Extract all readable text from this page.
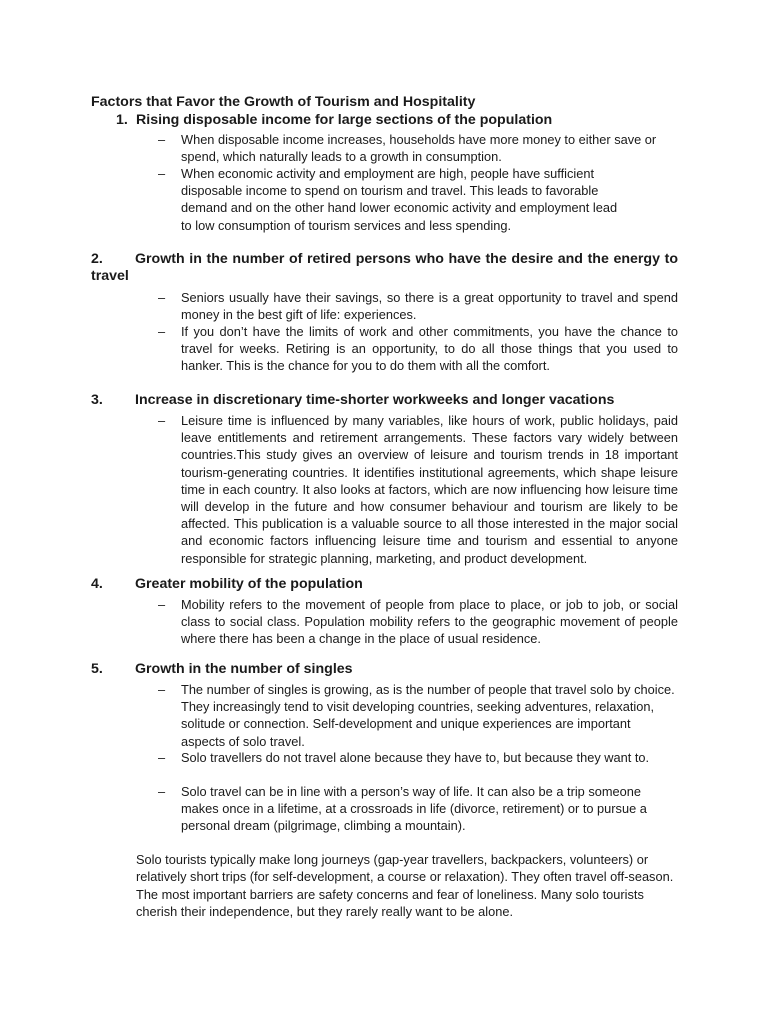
Factors that Favor the Growth of Tourism and Hospitality
1. Rising disposable income for large sections of the population
– When disposable income increases, households have more money to either save or spend, which naturally leads to a growth in consumption.
– When economic activity and employment are high, people have sufficient disposable income to spend on tourism and travel. This leads to favorable demand and on the other hand lower economic activity and employment lead to low consumption of tourism services and less spending.
2.	Growth in the number of retired persons who have the desire and the energy to travel
– Seniors usually have their savings, so there is a great opportunity to travel and spend money in the best gift of life: experiences.
– If you don’t have the limits of work and other commitments, you have the chance to travel for weeks. Retiring is an opportunity, to do all those things that you used to hanker. This is the chance for you to do them with all the comfort.
3.	Increase in discretionary time-shorter workweeks and longer vacations
– Leisure time is influenced by many variables, like hours of work, public holidays, paid leave entitlements and retirement arrangements. These factors vary widely between countries.This study gives an overview of leisure and tourism trends in 18 important tourism-generating countries. It identifies institutional agreements, which shape leisure time in each country. It also looks at factors, which are now influencing how leisure time will develop in the future and how consumer behaviour and tourism are likely to be affected. This publication is a valuable source to all those interested in the major social and economic factors influencing leisure time and tourism and essential to anyone responsible for strategic planning, marketing, and product development.
4.	Greater mobility of the population
– Mobility refers to the movement of people from place to place, or job to job, or social class to social class. Population mobility refers to the geographic movement of people where there has been a change in the place of usual residence.
5.	Growth in the number of singles
– The number of singles is growing, as is the number of people that travel solo by choice. They increasingly tend to visit developing countries, seeking adventures, relaxation, solitude or connection. Self-development and unique experiences are important aspects of solo travel.
– Solo travellers do not travel alone because they have to, but because they want to.
– Solo travel can be in line with a person’s way of life. It can also be a trip someone makes once in a lifetime, at a crossroads in life (divorce, retirement) or to pursue a personal dream (pilgrimage, climbing a mountain).
Solo tourists typically make long journeys (gap-year travellers, backpackers, volunteers) or relatively short trips (for self-development, a course or relaxation). They often travel off-season. The most important barriers are safety concerns and fear of loneliness. Many solo tourists cherish their independence, but they rarely really want to be alone.
